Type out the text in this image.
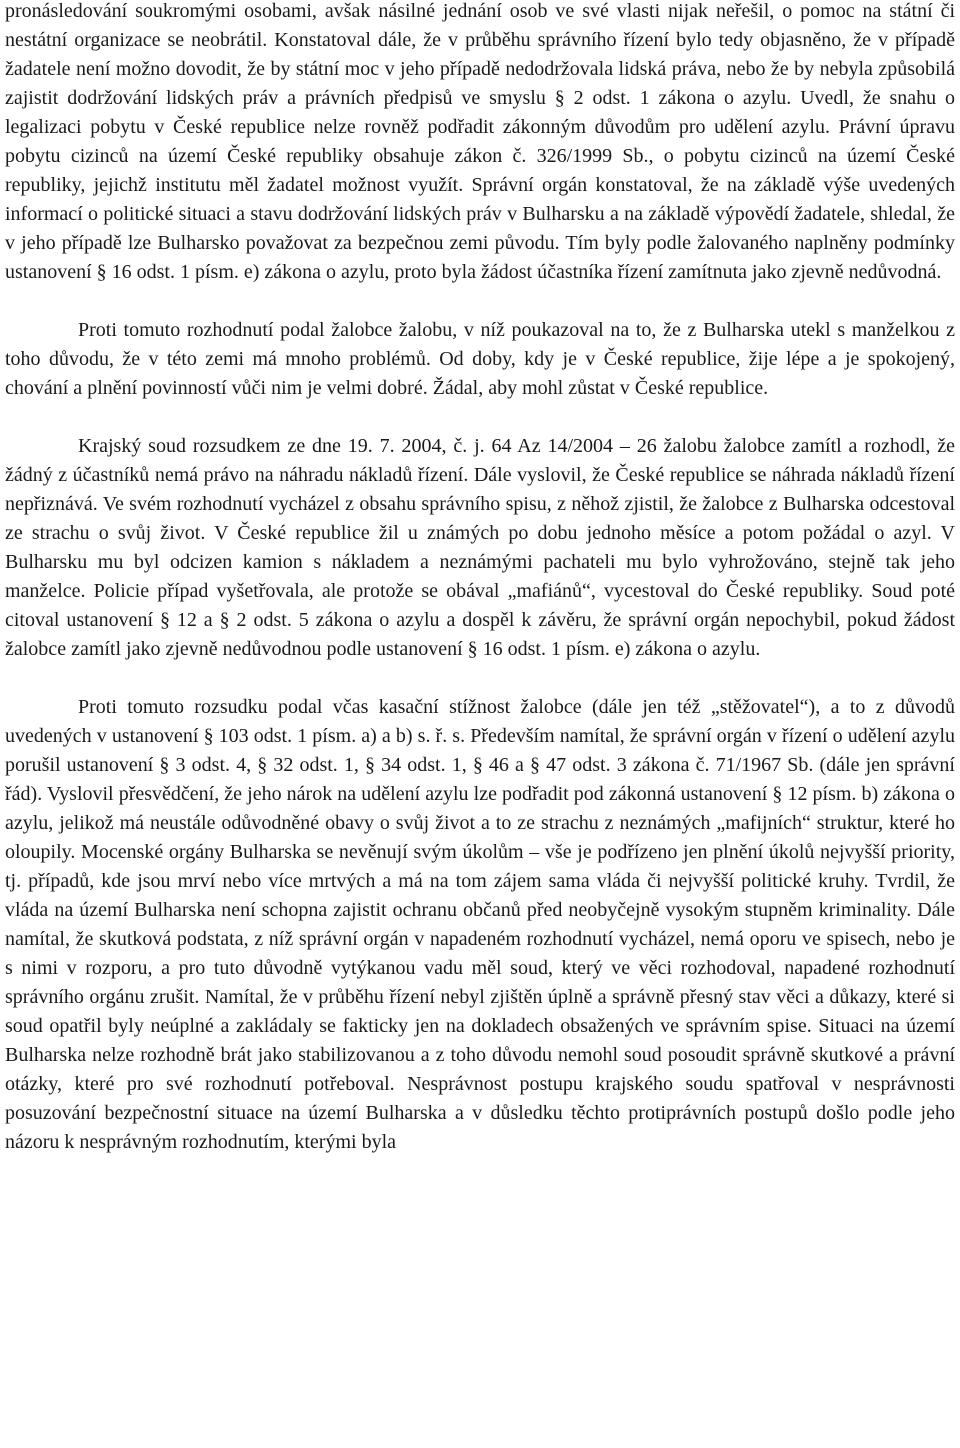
pronásledování soukromými osobami, avšak násilné jednání osob ve své vlasti nijak neřešil, o pomoc na státní či nestátní organizace se neobrátil. Konstatoval dále, že v průběhu správního řízení bylo tedy objasněno, že v případě žadatele není možno dovodit, že by státní moc v jeho případě nedodržovala lidská práva, nebo že by nebyla způsobilá zajistit dodržování lidských práv a právních předpisů ve smyslu § 2 odst. 1 zákona o azylu. Uvedl, že snahu o legalizaci pobytu v České republice nelze rovněž podřadit zákonným důvodům pro udělení azylu. Právní úpravu pobytu cizinců na území České republiky obsahuje zákon č. 326/1999 Sb., o pobytu cizinců na území České republiky, jejichž institutu měl žadatel možnost využít. Správní orgán konstatoval, že na základě výše uvedených informací o politické situaci a stavu dodržování lidských práv v Bulharsku a na základě výpovědí žadatele, shledal, že v jeho případě lze Bulharsko považovat za bezpečnou zemi původu. Tím byly podle žalovaného naplněny podmínky ustanovení § 16 odst. 1 písm. e) zákona o azylu, proto byla žádost účastníka řízení zamítnuta jako zjevně nedůvodná.

Proti tomuto rozhodnutí podal žalobce žalobu, v níž poukazoval na to, že z Bulharska utekl s manželkou z toho důvodu, že v této zemi má mnoho problémů. Od doby, kdy je v České republice, žije lépe a je spokojený, chování a plnění povinností vůči nim je velmi dobré. Žádal, aby mohl zůstat v České republice.

Krajský soud rozsudkem ze dne 19. 7. 2004, č. j. 64 Az 14/2004 – 26 žalobu žalobce zamítl a rozhodl, že žádný z účastníků nemá právo na náhradu nákladů řízení. Dále vyslovil, že České republice se náhrada nákladů řízení nepřiznává. Ve svém rozhodnutí vycházel z obsahu správního spisu, z něhož zjistil, že žalobce z Bulharska odcestoval ze strachu o svůj život. V České republice žil u známých po dobu jednoho měsíce a potom požádal o azyl. V Bulharsku mu byl odcizen kamion s nákladem a neznámými pachateli mu bylo vyhrožováno, stejně tak jeho manželce. Policie případ vyšetřovala, ale protože se obával „mafiánů“, vycestoval do České republiky. Soud poté citoval ustanovení § 12 a § 2 odst. 5 zákona o azylu a dospěl k závěru, že správní orgán nepochybil, pokud žádost žalobce zamítl jako zjevně nedůvodnou podle ustanovení § 16 odst. 1 písm. e) zákona o azylu.

Proti tomuto rozsudku podal včas kasační stížnost žalobce (dále jen též „stěžovatel“), a to z důvodů uvedených v ustanovení § 103 odst. 1 písm. a) a b) s. ř. s. Především namítal, že správní orgán v řízení o udělení azylu porušil ustanovení § 3 odst. 4, § 32 odst. 1, § 34 odst. 1, § 46 a § 47 odst. 3 zákona č. 71/1967 Sb. (dále jen správní řád). Vyslovil přesvědčení, že jeho nárok na udělení azylu lze podřadit pod zákonná ustanovení § 12 písm. b) zákona o azylu, jelikož má neustále odůvodněné obavy o svůj život a to ze strachu z neznámých „mafijních“ struktur, které ho oloupily. Mocenské orgány Bulharska se nevěnují svým úkolům – vše je podřízeno jen plnění úkolů nejvyšší priority, tj. případů, kde jsou mrví nebo více mrtvých a má na tom zájem sama vláda či nejvyšší politické kruhy. Tvrdil, že vláda na území Bulharska není schopna zajistit ochranu občanů před neobyčejně vysokým stupněm kriminality. Dále namítal, že skutková podstata, z níž správní orgán v napadeném rozhodnutí vycházel, nemá oporu ve spisech, nebo je s nimi v rozporu, a pro tuto důvodně vytýkanou vadu měl soud, který ve věci rozhodoval, napadené rozhodnutí správního orgánu zrušit. Namítal, že v průběhu řízení nebyl zjištěn úplně a správně přesný stav věci a důkazy, které si soud opatřil byly neúplné a zakládaly se fakticky jen na dokladech obsažených ve správním spise. Situaci na území Bulharska nelze rozhodně brát jako stabilizovanou a z toho důvodu nemohl soud posoudit správně skutkové a právní otázky, které pro své rozhodnutí potřeboval. Nesprávnost postupu krajského soudu spatřoval v nesprávnosti posuzování bezpečnostní situace na území Bulharska a v důsledku těchto protiprávních postupů došlo podle jeho názoru k nesprávným rozhodnutím, kterými byla
